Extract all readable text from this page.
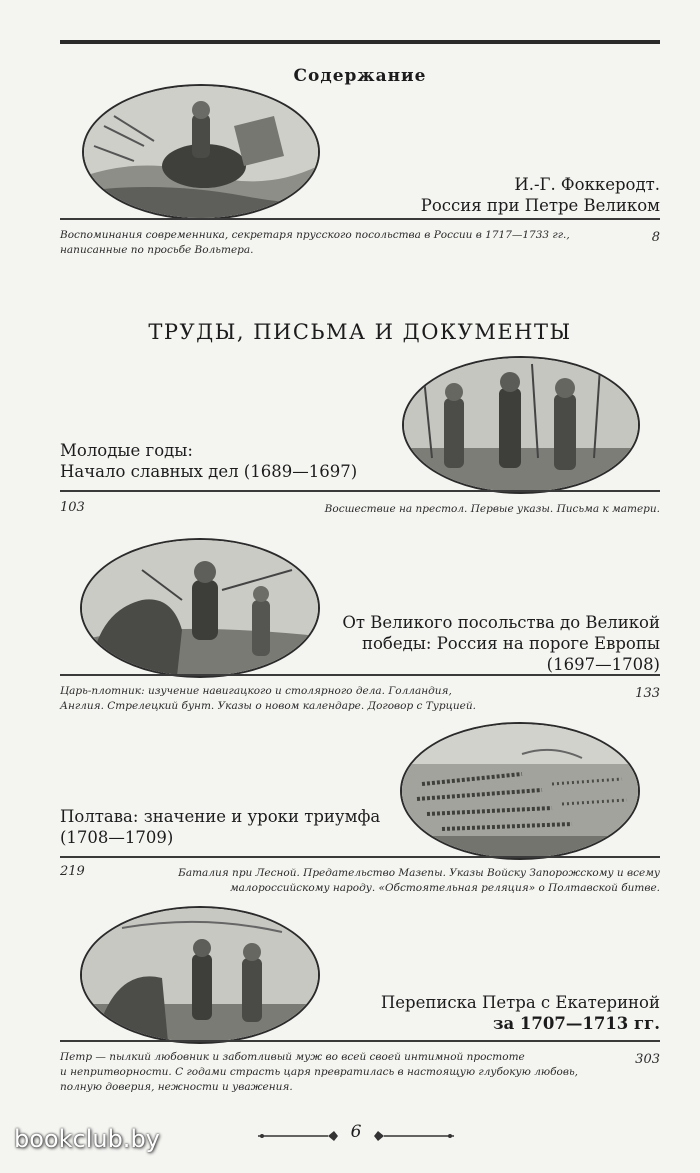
Содержание
И.-Г. Фоккеродт.
Россия при Петре Великом
Воспоминания современника, секретаря прусского посольства в России в 1717—1733 гг.,
написанные по просьбе Вольтера.
8
ТРУДЫ, ПИСЬМА И ДОКУМЕНТЫ
Молодые годы:
Начало славных дел (1689—1697)
103	Восшествие на престол. Первые указы. Письма к матери.
От Великого посольства до Великой
победы: Россия на пороге Европы
(1697—1708)
Царь-плотник: изучение навигацкого и столярного дела. Голландия,
Англия. Стрелецкий бунт. Указы о новом календаре. Договор с Турцией.
133
Полтава: значение и уроки триумфа
(1708—1709)
219	Баталия при Лесной. Предательство Мазепы. Указы Войску Запорожскому и всему
малороссийскому народу. «Обстоятельная реляция» о Полтавской битве.
Переписка Петра с Екатериной
за 1707—1713 гг.
Петр — пылкий любовник и заботливый муж во всей своей интимной простоте
и непритворности. С годами страсть царя превратилась в настоящую глубокую любовь,
полную доверия, нежности и уважения.
303
6
bookclub.by
